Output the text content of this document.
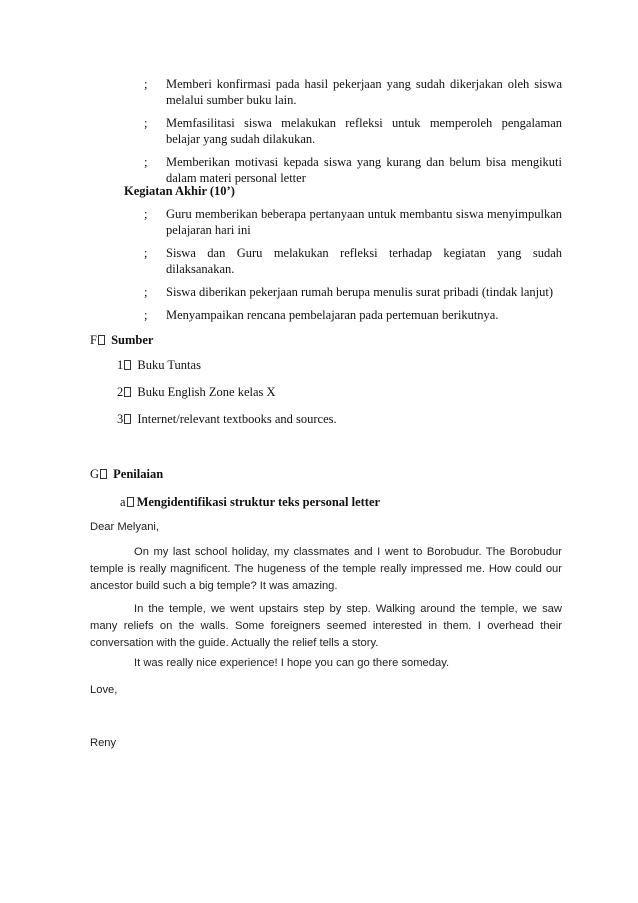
;	Memberi konfirmasi pada hasil pekerjaan yang sudah dikerjakan oleh siswa melalui sumber buku lain.
;	Memfasilitasi siswa melakukan refleksi untuk memperoleh pengalaman belajar yang sudah dilakukan.
;	Memberikan motivasi kepada siswa yang kurang dan belum bisa mengikuti dalam materi personal letter
Kegiatan Akhir (10’)
;	Guru memberikan beberapa pertanyaan untuk membantu siswa menyimpulkan pelajaran hari ini
;	Siswa dan Guru melakukan refleksi terhadap kegiatan yang sudah dilaksanakan.
;	Siswa diberikan pekerjaan rumah berupa menulis surat pribadi (tindak lanjut)
;	Menyampaikan rencana pembelajaran pada pertemuan berikutnya.
F Sumber
1 Buku Tuntas
2 Buku English Zone kelas X
3 Internet/relevant textbooks and sources.
G Penilaian
a Mengidentifikasi struktur teks personal letter
Dear Melyani,

On my last school holiday, my classmates and I went to Borobudur. The Borobudur temple is really magnificent. The hugeness of the temple really impressed me. How could our ancestor build such a big temple? It was amazing.

In the temple, we went upstairs step by step. Walking around the temple, we saw many reliefs on the walls. Some foreigners seemed interested in them. I overhead their conversation with the guide. Actually the relief tells a story.

It was really nice experience! I hope you can go there someday.

Love,
Reny
